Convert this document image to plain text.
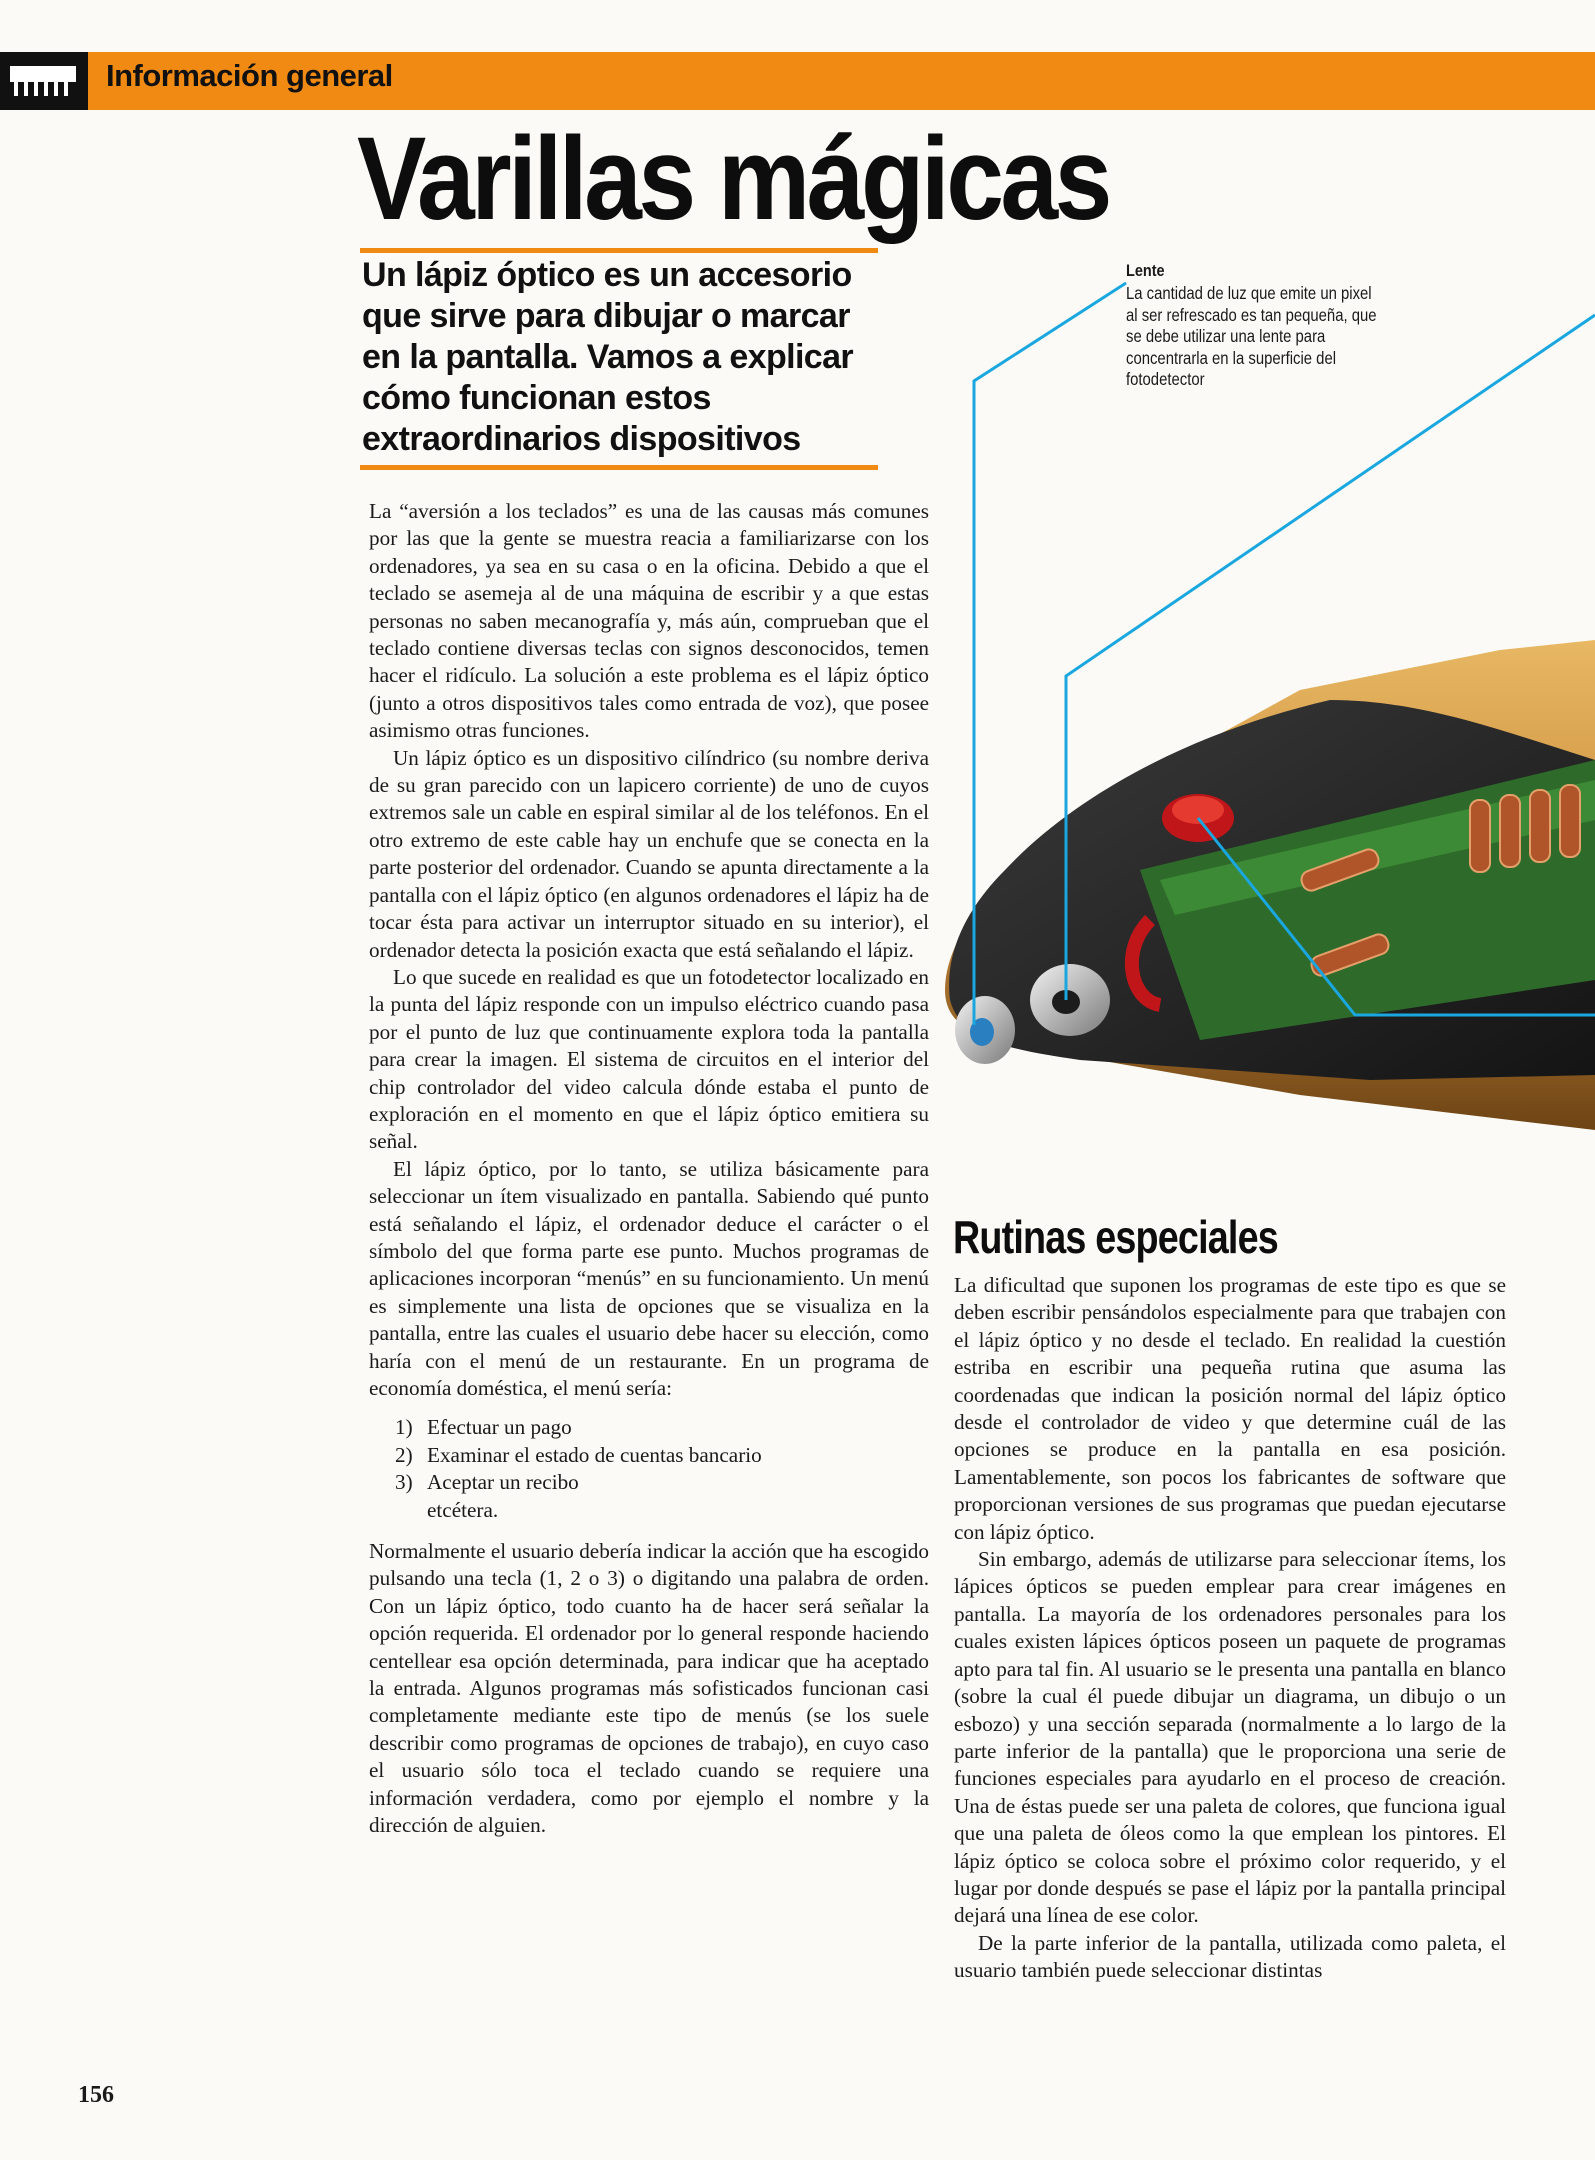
Información general
Varillas mágicas

Un lápiz óptico es un accesorio que sirve para dibujar o marcar en la pantalla. Vamos a explicar cómo funcionan estos extraordinarios dispositivos

Lente

La cantidad de luz que emite un pixel al ser refrescado es tan pequeña, que se debe utilizar una lente para concentrarla en la superficie del fotodetector

La “aversión a los teclados” es una de las causas más comunes por las que la gente se muestra reacia a familiarizarse con los ordenadores, ya sea en su casa o en la oficina. Debido a que el teclado se asemeja al de una máquina de escribir y a que estas personas no saben mecanografía y, más aún, comprueban que el teclado contiene diversas teclas con signos desconocidos, temen hacer el ridículo. La solución a este problema es el lápiz óptico (junto a otros dispositivos tales como entrada de voz), que posee asimismo otras funciones.

Un lápiz óptico es un dispositivo cilíndrico (su nombre deriva de su gran parecido con un lapicero corriente) de uno de cuyos extremos sale un cable en espiral similar al de los teléfonos. En el otro extremo de este cable hay un enchufe que se conecta en la parte posterior del ordenador. Cuando se apunta directamente a la pantalla con el lápiz óptico (en algunos ordenadores el lápiz ha de tocar ésta para activar un interruptor situado en su interior), el ordenador detecta la posición exacta que está señalando el lápiz.

Lo que sucede en realidad es que un fotodetector localizado en la punta del lápiz responde con un impulso eléctrico cuando pasa por el punto de luz que continuamente explora toda la pantalla para crear la imagen. El sistema de circuitos en el interior del chip controlador del video calcula dónde estaba el punto de exploración en el momento en que el lápiz óptico emitiera su señal.

El lápiz óptico, por lo tanto, se utiliza básicamente para seleccionar un ítem visualizado en pantalla. Sabiendo qué punto está señalando el lápiz, el ordenador deduce el carácter o el símbolo del que forma parte ese punto. Muchos programas de aplicaciones incorporan “menús” en su funcionamiento. Un menú es simplemente una lista de opciones que se visualiza en la pantalla, entre las cuales el usuario debe hacer su elección, como haría con el menú de un restaurante. En un programa de economía doméstica, el menú sería:

1) Efectuar un pago
2) Examinar el estado de cuentas bancario
3) Aceptar un recibo
etcétera.

Normalmente el usuario debería indicar la acción que ha escogido pulsando una tecla (1, 2 o 3) o digitando una palabra de orden. Con un lápiz óptico, todo cuanto ha de hacer será señalar la opción requerida. El ordenador por lo general responde haciendo centellear esa opción determinada, para indicar que ha aceptado la entrada. Algunos programas más sofisticados funcionan casi completamente mediante este tipo de menús (se los suele describir como programas de opciones de trabajo), en cuyo caso el usuario sólo toca el teclado cuando se requiere una información verdadera, como por ejemplo el nombre y la dirección de alguien.

Rutinas especiales

La dificultad que suponen los programas de este tipo es que se deben escribir pensándolos especialmente para que trabajen con el lápiz óptico y no desde el teclado. En realidad la cuestión estriba en escribir una pequeña rutina que asuma las coordenadas que indican la posición normal del lápiz óptico desde el controlador de video y que determine cuál de las opciones se produce en la pantalla en esa posición. Lamentablemente, son pocos los fabricantes de software que proporcionan versiones de sus programas que puedan ejecutarse con lápiz óptico.

Sin embargo, además de utilizarse para seleccionar ítems, los lápices ópticos se pueden emplear para crear imágenes en pantalla. La mayoría de los ordenadores personales para los cuales existen lápices ópticos poseen un paquete de programas apto para tal fin. Al usuario se le presenta una pantalla en blanco (sobre la cual él puede dibujar un diagrama, un dibujo o un esbozo) y una sección separada (normalmente a lo largo de la parte inferior de la pantalla) que le proporciona una serie de funciones especiales para ayudarlo en el proceso de creación. Una de éstas puede ser una paleta de colores, que funciona igual que una paleta de óleos como la que emplean los pintores. El lápiz óptico se coloca sobre el próximo color requerido, y el lugar por donde después se pase el lápiz por la pantalla principal dejará una línea de ese color.

De la parte inferior de la pantalla, utilizada como paleta, el usuario también puede seleccionar distintas

156
